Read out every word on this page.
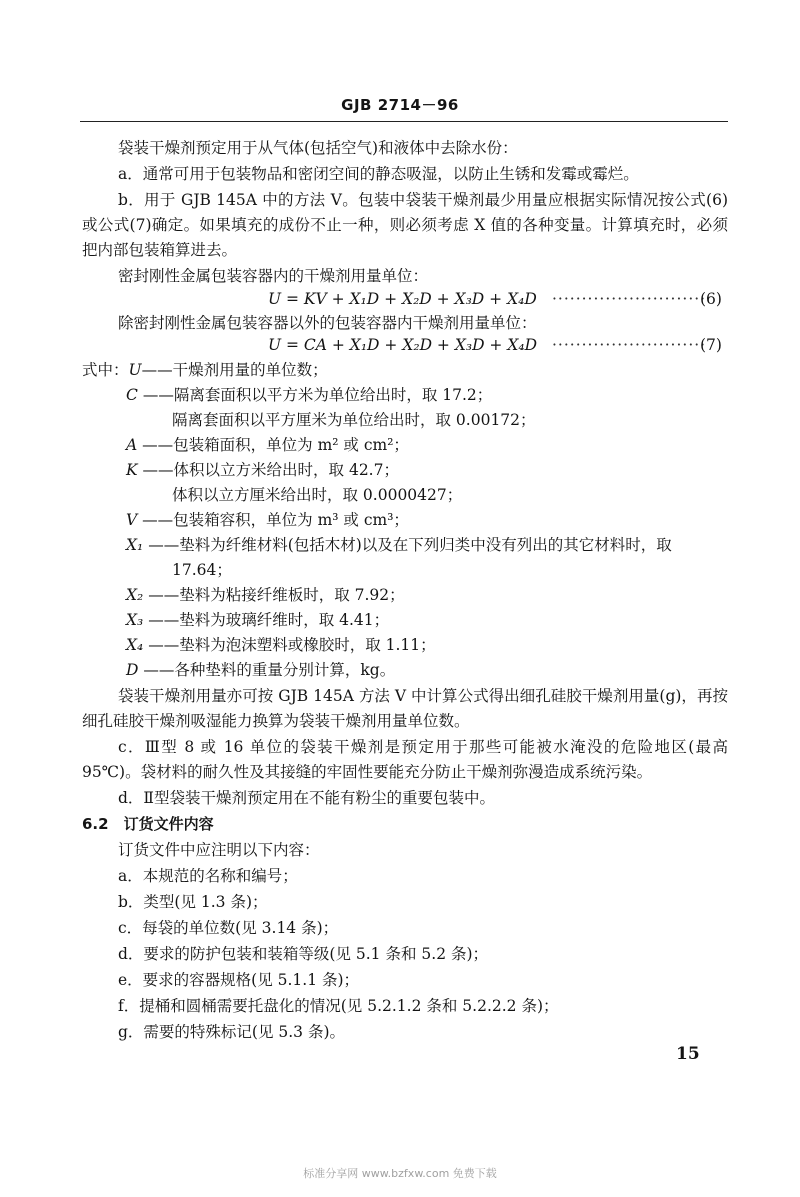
GJB 2714－96
袋装干燥剂预定用于从气体(包括空气)和液体中去除水份：
a．通常可用于包装物品和密闭空间的静态吸湿，以防止生锈和发霉或霉烂。
b．用于 GJB 145A 中的方法 V。包装中袋装干燥剂最少用量应根据实际情况按公式(6)
或公式(7)确定。如果填充的成份不止一种，则必须考虑 X 值的各种变量。计算填充时，必须
把内部包装箱算进去。
密封刚性金属包装容器内的干燥剂用量单位：
U = KV + X₁D + X₂D + X₃D + X₄D ··························
(6)
除密封刚性金属包装容器以外的包装容器内干燥剂用量单位：
U = CA + X₁D + X₂D + X₃D + X₄D ··························
(7)
式中：U——干燥剂用量的单位数；
C ——隔离套面积以平方米为单位给出时，取 17.2；
隔离套面积以平方厘米为单位给出时，取 0.00172；
A ——包装箱面积，单位为 m² 或 cm²；
K ——体积以立方米给出时，取 42.7；
体积以立方厘米给出时，取 0.0000427；
V ——包装箱容积，单位为 m³ 或 cm³；
X₁ ——垫料为纤维材料(包括木材)以及在下列归类中没有列出的其它材料时，取
17.64；
X₂ ——垫料为粘接纤维板时，取 7.92；
X₃ ——垫料为玻璃纤维时，取 4.41；
X₄ ——垫料为泡沫塑料或橡胶时，取 1.11；
D ——各种垫料的重量分别计算，kg。
袋装干燥剂用量亦可按 GJB 145A 方法 V 中计算公式得出细孔硅胶干燥剂用量(g)，再按
细孔硅胶干燥剂吸湿能力换算为袋装干燥剂用量单位数。
c．Ⅲ型 8 或 16 单位的袋装干燥剂是预定用于那些可能被水淹没的危险地区(最高
95℃)。袋材料的耐久性及其接缝的牢固性要能充分防止干燥剂弥漫造成系统污染。
d．Ⅱ型袋装干燥剂预定用在不能有粉尘的重要包装中。
6.2　订货文件内容
订货文件中应注明以下内容：
a．本规范的名称和编号；
b．类型(见 1.3 条)；
c．每袋的单位数(见 3.14 条)；
d．要求的防护包装和装箱等级(见 5.1 条和 5.2 条)；
e．要求的容器规格(见 5.1.1 条)；
f．提桶和圆桶需要托盘化的情况(见 5.2.1.2 条和 5.2.2.2 条)；
g．需要的特殊标记(见 5.3 条)。
15
标准分享网 www.bzfxw.com 免费下载
